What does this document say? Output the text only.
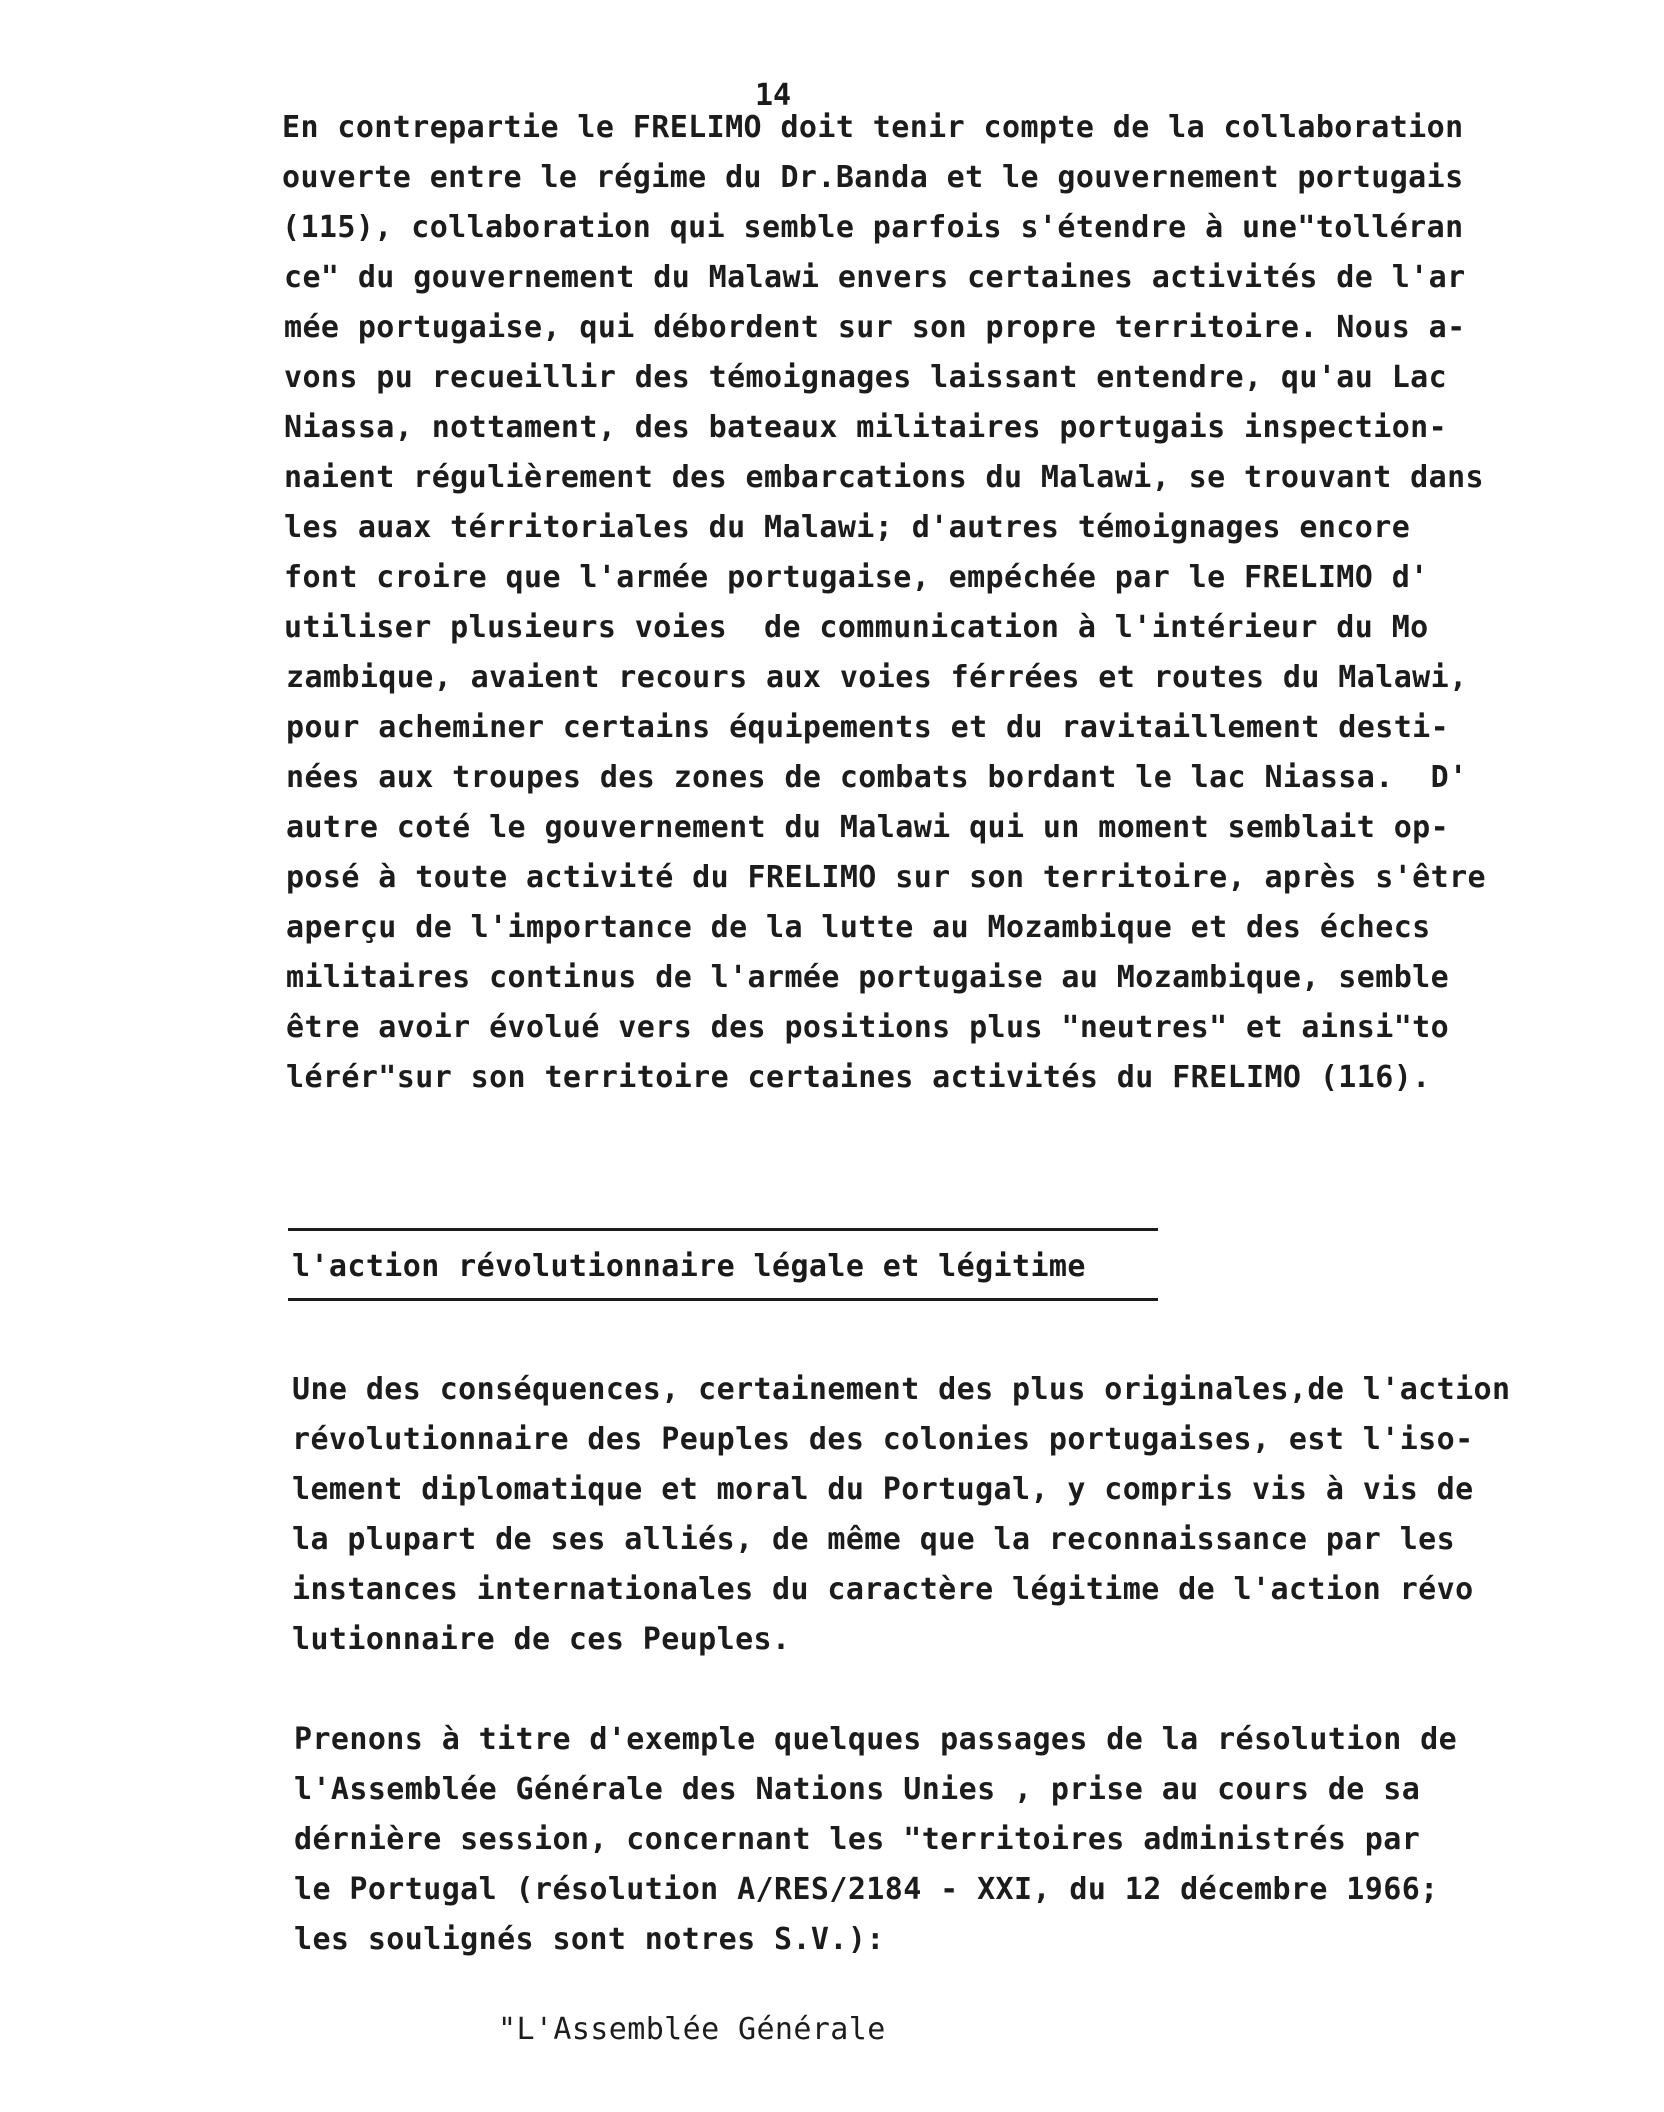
14
En contrepartie le FRELIMO doit tenir compte de la collaboration
ouverte entre le régime du Dr.Banda et le gouvernement portugais
(115), collaboration qui semble parfois s'étendre à une"tolléran
ce" du gouvernement du Malawi envers certaines activités de l'ar
mée portugaise, qui débordent sur son propre territoire. Nous a-
vons pu recueillir des témoignages laissant entendre, qu'au Lac
Niassa, nottament, des bateaux militaires portugais inspection-
naient régulièrement des embarcations du Malawi, se trouvant dans
les auax térritoriales du Malawi; d'autres témoignages encore
font croire que l'armée portugaise, empéchée par le FRELIMO d'
utiliser plusieurs voies  de communication à l'intérieur du Mo
zambique, avaient recours aux voies férrées et routes du Malawi,
pour acheminer certains équipements et du ravitaillement desti-
nées aux troupes des zones de combats bordant le lac Niassa.  D'
autre coté le gouvernement du Malawi qui un moment semblait op-
posé à toute activité du FRELIMO sur son territoire, après s'être
aperçu de l'importance de la lutte au Mozambique et des échecs
militaires continus de l'armée portugaise au Mozambique, semble
être avoir évolué vers des positions plus "neutres" et ainsi"to
lérér"sur son territoire certaines activités du FRELIMO (116).
l'action révolutionnaire légale et légitime
Une des conséquences, certainement des plus originales,de l'action
révolutionnaire des Peuples des colonies portugaises, est l'iso-
lement diplomatique et moral du Portugal, y compris vis à vis de
la plupart de ses alliés, de même que la reconnaissance par les
instances internationales du caractère légitime de l'action révo
lutionnaire de ces Peuples.
Prenons à titre d'exemple quelques passages de la résolution de
l'Assemblée Générale des Nations Unies , prise au cours de sa
dérnière session, concernant les "territoires administrés par
le Portugal (résolution A/RES/2184 - XXI, du 12 décembre 1966;
les soulignés sont notres S.V.):
"L'Assemblée Générale
